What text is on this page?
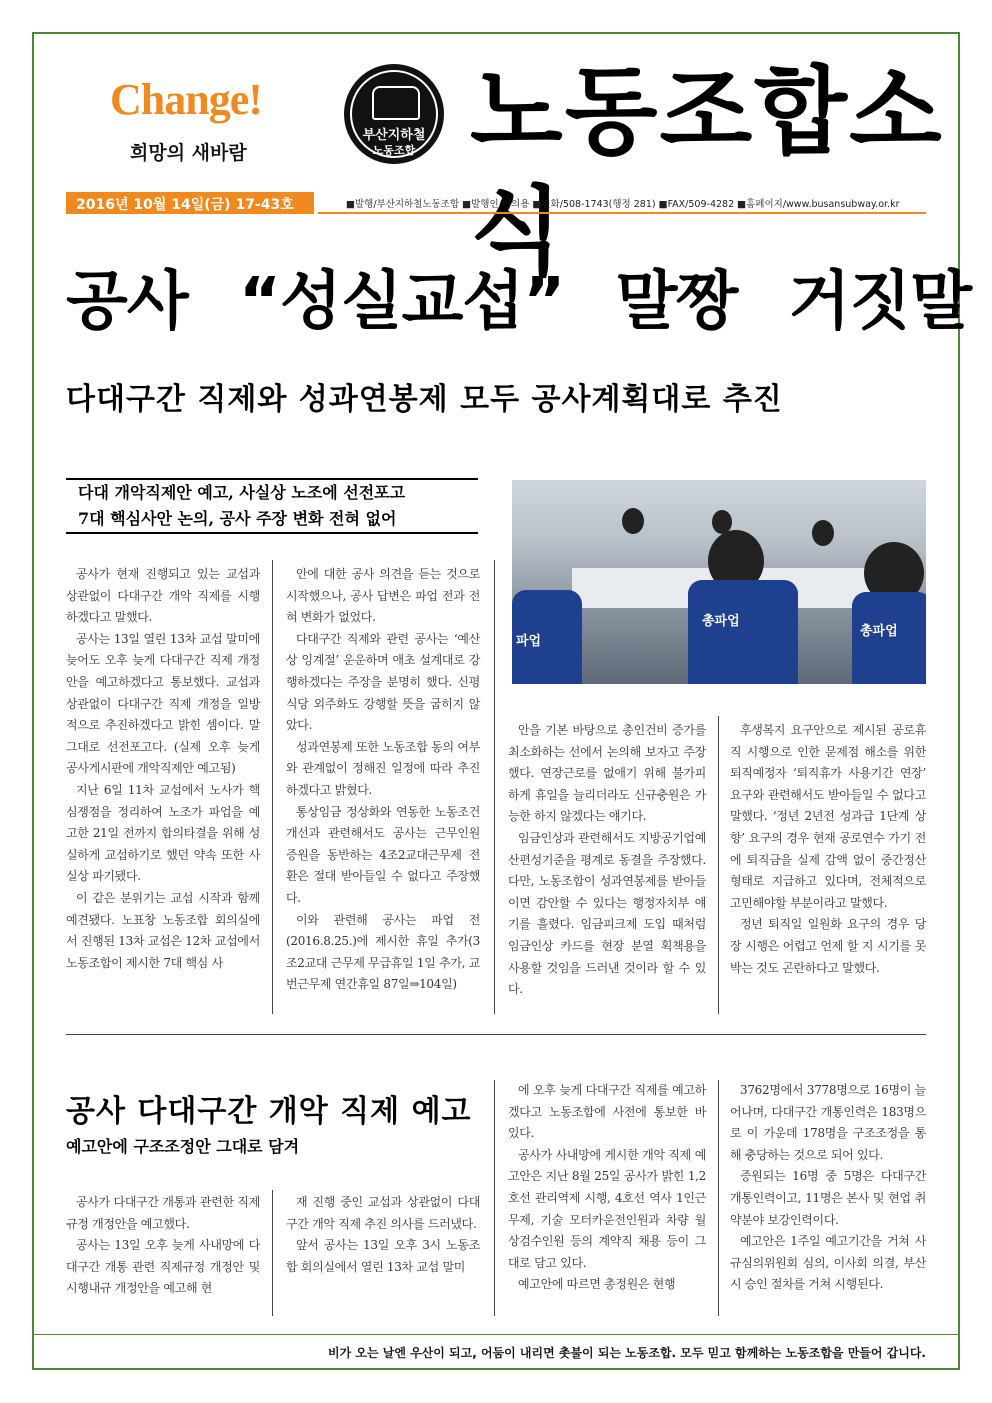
Change!
희망의 새바람
부산지하철
노동조합 노동조합소식
2016년 10월 14일(금) 17-43호	■발행/부산지하철노동조합 ■발행인/이의용 ■전화/508-1743(행정 281) ■FAX/509-4282 ■홈페이지/www.busansubway.or.kr
공사 “성실교섭” 말짱 거짓말
다대구간 직제와 성과연봉제 모두 공사계획대로 추진
다대 개악직제안 예고, 사실상 노조에 선전포고
7대 핵심사안 논의, 공사 주장 변화 전혀 없어
파업
총파업
총파업

공사가 현재 진행되고 있는 교섭과 상관없이 다대구간 개악 직제를 시행하겠다고 말했다.

공사는 13일 열린 13차 교섭 말미에 늦어도 오후 늦게 다대구간 직제 개정안을 예고하겠다고 통보했다. 교섭과 상관없이 다대구간 직제 개정을 일방적으로 추진하겠다고 밝힌 셈이다. 말 그대로 선전포고다. (실제 오후 늦게 공사게시판에 개악직제안 예고됨)

지난 6일 11차 교섭에서 노사가 핵심쟁점을 정리하여 노조가 파업을 예고한 21일 전까지 합의타결을 위해 성실하게 교섭하기로 했던 약속 또한 사실상 파기됐다.

이 같은 분위기는 교섭 시작과 함께 예견됐다. 노표창 노동조합 회의실에서 진행된 13차 교섭은 12차 교섭에서 노동조합이 제시한 7대 핵심 사

안에 대한 공사 의견을 듣는 것으로 시작했으나, 공사 답변은 파업 전과 전혀 변화가 없었다.

다대구간 직제와 관련 공사는 ‘예산상 잉계절’ 운운하며 애초 설계대로 강행하겠다는 주장을 분명히 했다. 신평식당 외주화도 강행할 뜻을 굽히지 않았다.

성과연봉제 또한 노동조합 동의 여부와 관계없이 정해진 일정에 따라 추진하겠다고 밝혔다.

통상임금 정상화와 연동한 노동조건 개선과 관련해서도 공사는 근무인원 증원을 동반하는 4조2교대근무제 전환은 절대 받아들일 수 없다고 주장했다.

이와 관련해 공사는 파업 전(2016.8.25.)에 제시한 휴일 추가(3조2교대 근무제 무급휴일 1일 추가, 교번근무제 연간휴일 87일⇒104일)

안을 기본 바탕으로 총인건비 증가를 최소화하는 선에서 논의해 보자고 주장했다. 연장근로를 없애기 위해 불가피하게 휴일을 늘리더라도 신규충원은 가능한 하지 않겠다는 얘기다.

임금인상과 관련해서도 지방공기업예산편성기준을 평계로 동결을 주장했다. 다만, 노동조합이 성과연봉제를 받아들이면 감안할 수 있다는 행정자치부 얘기를 흘렸다. 임금피크제 도입 때처럼 임금인상 카드를 현장 분열 획책용을 사용할 것임을 드러낸 것이라 할 수 있다.

후생복지 요구안으로 제시된 공로휴직 시행으로 인한 문제점 해소를 위한 퇴직예정자 ‘퇴직휴가 사용기간 연장’ 요구와 관련해서도 받아들일 수 없다고 말했다. ‘정년 2년전 성과급 1단계 상향’ 요구의 경우 현재 공로연수 가기 전에 퇴직금을 실제 감액 없이 중간정산 형태로 지급하고 있다며, 전체적으로 고민해야할 부분이라고 말했다.

정년 퇴직일 일원화 요구의 경우 당장 시행은 어렵고 언제 할 지 시기를 못 박는 것도 곤란하다고 말했다.

공사 다대구간 개악 직제 예고
예고안에 구조조정안 그대로 담겨

공사가 다대구간 개통과 관련한 직제규정 개정안을 예고했다.

공사는 13일 오후 늦게 사내망에 다대구간 개통 관련 직제규정 개정안 및 시행내규 개정안을 예고해 현

재 진행 중인 교섭과 상관없이 다대구간 개악 직제 추진 의사를 드러냈다.

앞서 공사는 13일 오후 3시 노동조합 회의실에서 열린 13차 교섭 말미

에 오후 늦게 다대구간 직제를 예고하겠다고 노동조합에 사전에 통보한 바 있다.

공사가 사내망에 게시한 개악 직제 예고안은 지난 8월 25일 공사가 밝힌 1,2호선 관리역제 시행, 4호선 역사 1인근무제, 기술 모터카운전인원과 차량 월상검수인원 등의 계약직 채용 등이 그대로 담고 있다.

예고안에 따르면 총정원은 현행

3762명에서 3778명으로 16명이 늘어나며, 다대구간 개통인력은 183명으로 이 가운데 178명을 구조조정을 통해 충당하는 것으로 되어 있다.

증원되는 16명 중 5명은 다대구간 개통인력이고, 11명은 본사 및 현업 취약분야 보강인력이다.

예고안은 1주일 예고기간을 거쳐 사규심의위원회 심의, 이사회 의결, 부산시 승인 절차를 거쳐 시행된다.

비가 오는 날엔 우산이 되고, 어둠이 내리면 촛불이 되는 노동조합. 모두 믿고 함께하는 노동조합을 만들어 갑니다.
